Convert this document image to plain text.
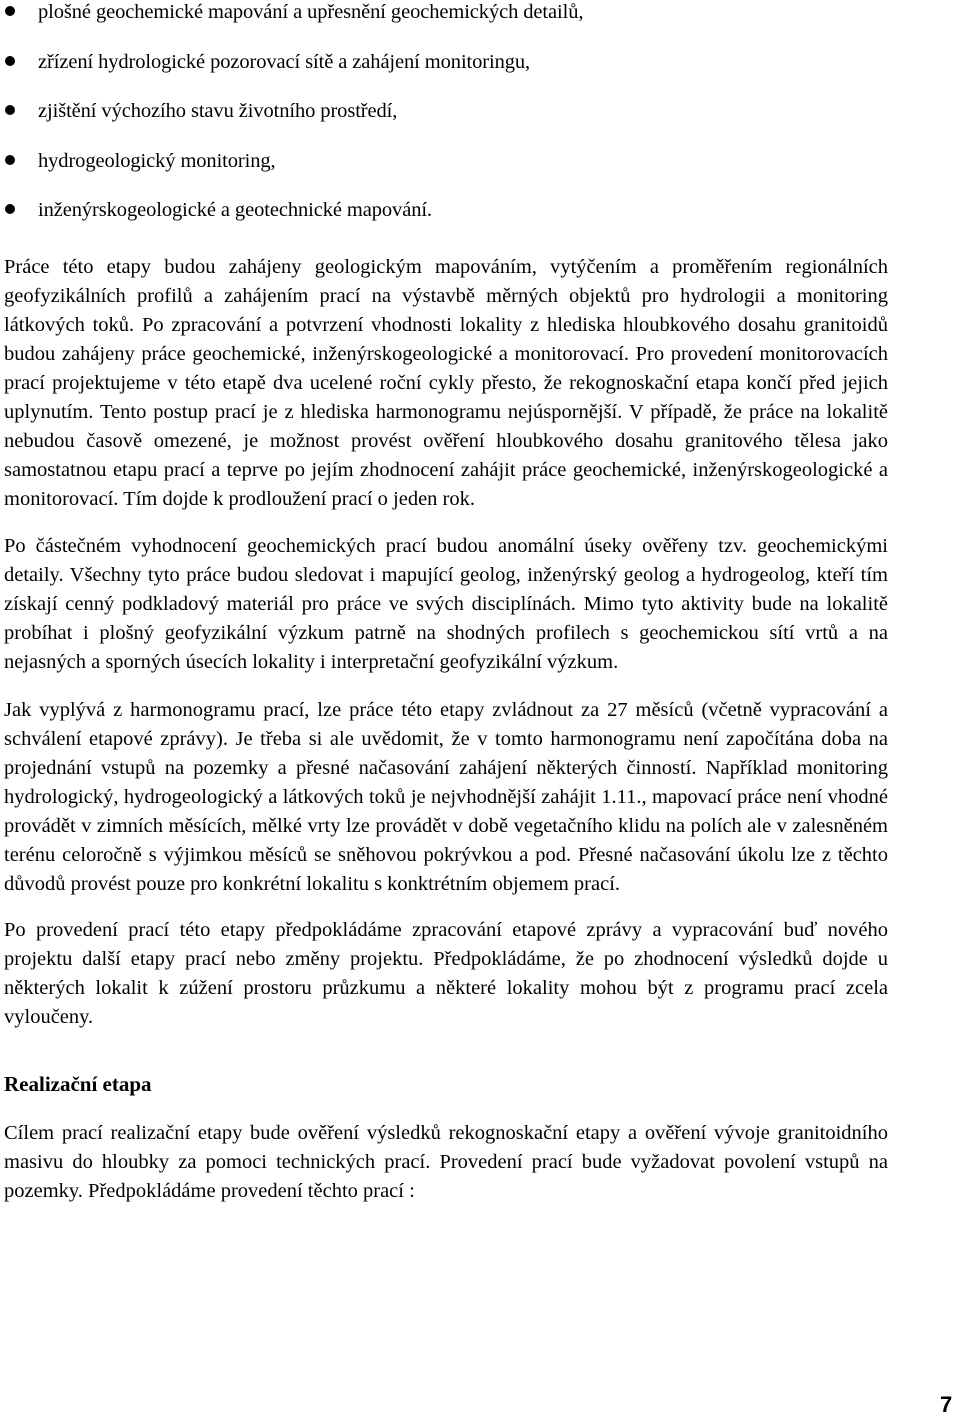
plošné geochemické mapování a upřesnění geochemických detailů,
zřízení hydrologické pozorovací sítě a zahájení monitoringu,
zjištění výchozího stavu životního prostředí,
hydrogeologický monitoring,
inženýrskogeologické a geotechnické mapování.

Práce této etapy budou zahájeny geologickým mapováním, vytýčením a proměřením regionálních geofyzikálních profilů a zahájením prací na výstavbě měrných objektů pro hydrologii a monitoring látkových toků. Po zpracování a potvrzení vhodnosti lokality z hlediska hloubkového dosahu granitoidů budou zahájeny práce geochemické, inženýrskogeologické a monitorovací. Pro provedení monitorovacích prací projektujeme v této etapě dva ucelené roční cykly přesto, že rekognoskační etapa končí před jejich uplynutím. Tento postup prací je z hlediska harmonogramu nejúspornější. V případě, že práce na lokalitě nebudou časově omezené, je možnost provést ověření hloubkového dosahu granitového tělesa jako samostatnou etapu prací a teprve po jejím zhodnocení zahájit práce geochemické, inženýrskogeologické a monitorovací. Tím dojde k prodloužení prací o jeden rok.

Po částečném vyhodnocení geochemických prací budou anomální úseky ověřeny tzv. geochemickými detaily. Všechny tyto práce budou sledovat i mapující geolog, inženýrský geolog a hydrogeolog, kteří tím získají cenný podkladový materiál pro práce ve svých disciplínách. Mimo tyto aktivity bude na lokalitě probíhat i plošný geofyzikální výzkum patrně na shodných profilech s geochemickou sítí vrtů a na nejasných a sporných úsecích lokality i interpretační geofyzikální výzkum.

Jak vyplývá z harmonogramu prací, lze práce této etapy zvládnout za 27 měsíců (včetně vypracování a schválení etapové zprávy). Je třeba si ale uvědomit, že v tomto harmonogramu není započítána doba na projednání vstupů na pozemky a přesné načasování zahájení některých činností. Například monitoring hydrologický, hydrogeologický a látkových toků je nejvhodnější zahájit 1.11., mapovací práce není vhodné provádět v zimních měsících, mělké vrty lze provádět v době vegetačního klidu na polích ale v zalesněném terénu celoročně s výjimkou měsíců se sněhovou pokrývkou a pod. Přesné načasování úkolu lze z těchto důvodů provést pouze pro konkrétní lokalitu s konktrétním objemem prací.

Po provedení prací této etapy předpokládáme zpracování etapové zprávy a vypracování buď nového projektu další etapy prací nebo změny projektu. Předpokládáme, že po zhodnocení výsledků dojde u některých lokalit k zúžení prostoru průzkumu a některé lokality mohou být z programu prací zcela vyloučeny.

Realizační etapa

Cílem prací realizační etapy bude ověření výsledků rekognoskační etapy a ověření vývoje granitoidního masivu do hloubky za pomoci technických prací. Provedení prací bude vyžadovat povolení vstupů na pozemky. Předpokládáme provedení těchto prací :

7
